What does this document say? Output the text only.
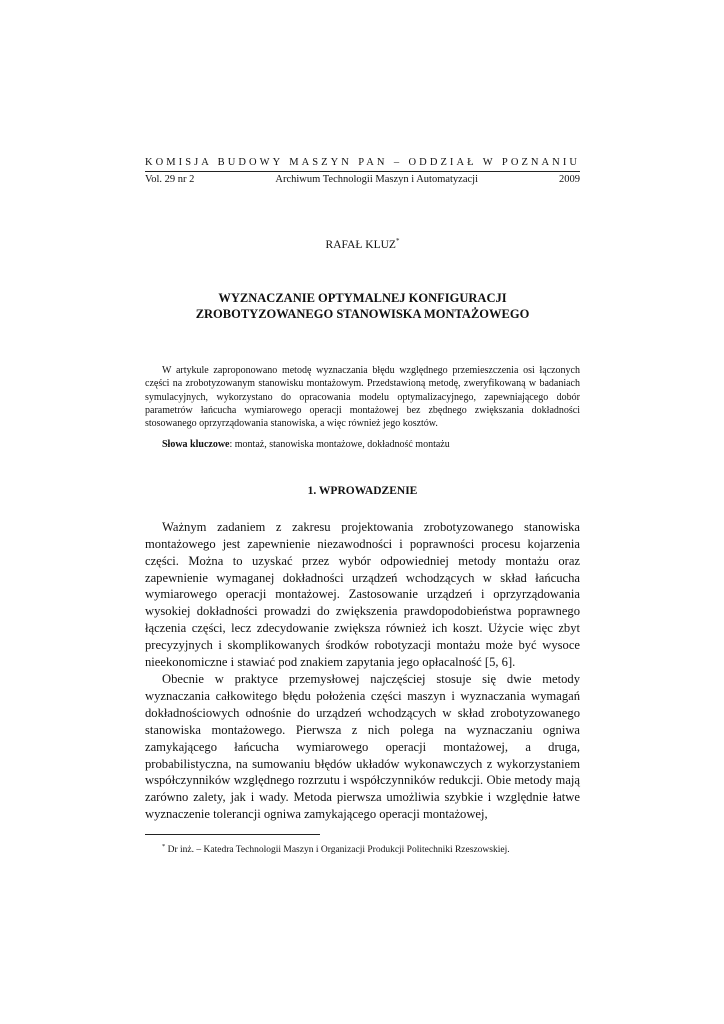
KOMISJA BUDOWY MASZYN PAN – ODDZIAŁ W POZNANIU
Vol. 29 nr 2	Archiwum Technologii Maszyn i Automatyzacji	2009
RAFAŁ KLUZ*
WYZNACZANIE OPTYMALNEJ KONFIGURACJI
ZROBOTYZOWANEGO STANOWISKA MONTAŻOWEGO
W artykule zaproponowano metodę wyznaczania błędu względnego przemieszczenia osi łączonych części na zrobotyzowanym stanowisku montażowym. Przedstawioną metodę, zweryfikowaną w badaniach symulacyjnych, wykorzystano do opracowania modelu optymalizacyjnego, zapewniającego dobór parametrów łańcucha wymiarowego operacji montażowej bez zbędnego zwiększania dokładności stosowanego oprzyrządowania stanowiska, a więc również jego kosztów.
Słowa kluczowe: montaż, stanowiska montażowe, dokładność montażu
1. WPROWADZENIE

Ważnym zadaniem z zakresu projektowania zrobotyzowanego stanowiska montażowego jest zapewnienie niezawodności i poprawności procesu kojarzenia części. Można to uzyskać przez wybór odpowiedniej metody montażu oraz zapewnienie wymaganej dokładności urządzeń wchodzących w skład łańcucha wymiarowego operacji montażowej. Zastosowanie urządzeń i oprzyrządowania wysokiej dokładności prowadzi do zwiększenia prawdopodobieństwa poprawnego łączenia części, lecz zdecydowanie zwiększa również ich koszt. Użycie więc zbyt precyzyjnych i skomplikowanych środków robotyzacji montażu może być wysoce nieekonomiczne i stawiać pod znakiem zapytania jego opłacalność [5, 6].

Obecnie w praktyce przemysłowej najczęściej stosuje się dwie metody wyznaczania całkowitego błędu położenia części maszyn i wyznaczania wymagań dokładnościowych odnośnie do urządzeń wchodzących w skład zrobotyzowanego stanowiska montażowego. Pierwsza z nich polega na wyznaczaniu ogniwa zamykającego łańcucha wymiarowego operacji montażowej, a druga, probabilistyczna, na sumowaniu błędów układów wykonawczych z wykorzystaniem współczynników względnego rozrzutu i współczynników redukcji. Obie metody mają zarówno zalety, jak i wady. Metoda pierwsza umożliwia szybkie i względnie łatwe wyznaczenie tolerancji ogniwa zamykającego operacji montażowej,

* Dr inż. – Katedra Technologii Maszyn i Organizacji Produkcji Politechniki Rzeszowskiej.
